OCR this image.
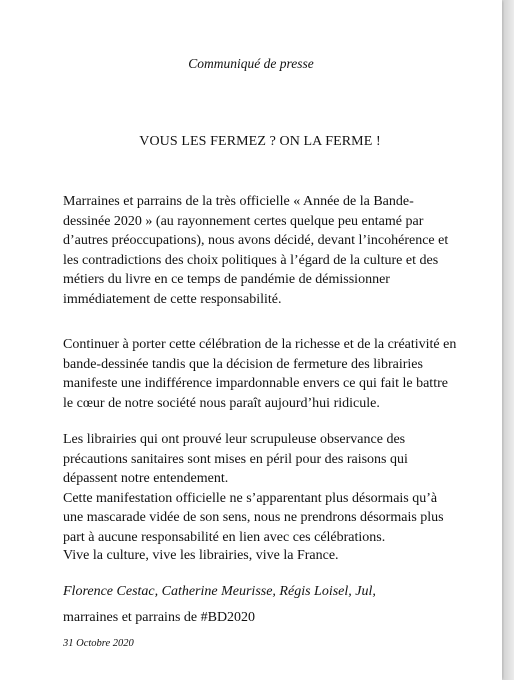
Communiqué de presse
VOUS LES FERMEZ ? ON LA FERME !

Marraines et parrains de la très officielle « Année de la Bande-
dessinée 2020 » (au rayonnement certes quelque peu entamé par
d’autres préoccupations), nous avons décidé, devant l’incohérence et
les contradictions des choix politiques à l’égard de la culture et des
métiers du livre en ce temps de pandémie de démissionner
immédiatement de cette responsabilité.

Continuer à porter cette célébration de la richesse et de la créativité en
bande-dessinée tandis que la décision de fermeture des librairies
manifeste une indifférence impardonnable envers ce qui fait le battre
le cœur de notre société nous paraît aujourd’hui ridicule.

Les librairies qui ont prouvé leur scrupuleuse observance des
précautions sanitaires sont mises en péril pour des raisons qui
dépassent notre entendement.
Cette manifestation officielle ne s’apparentant plus désormais qu’à
une mascarade vidée de son sens, nous ne prendrons désormais plus
part à aucune responsabilité en lien avec ces célébrations.

Vive la culture, vive les librairies, vive la France.

Florence Cestac, Catherine Meurisse, Régis Loisel, Jul,
marraines et parrains de #BD2020
31 Octobre 2020
